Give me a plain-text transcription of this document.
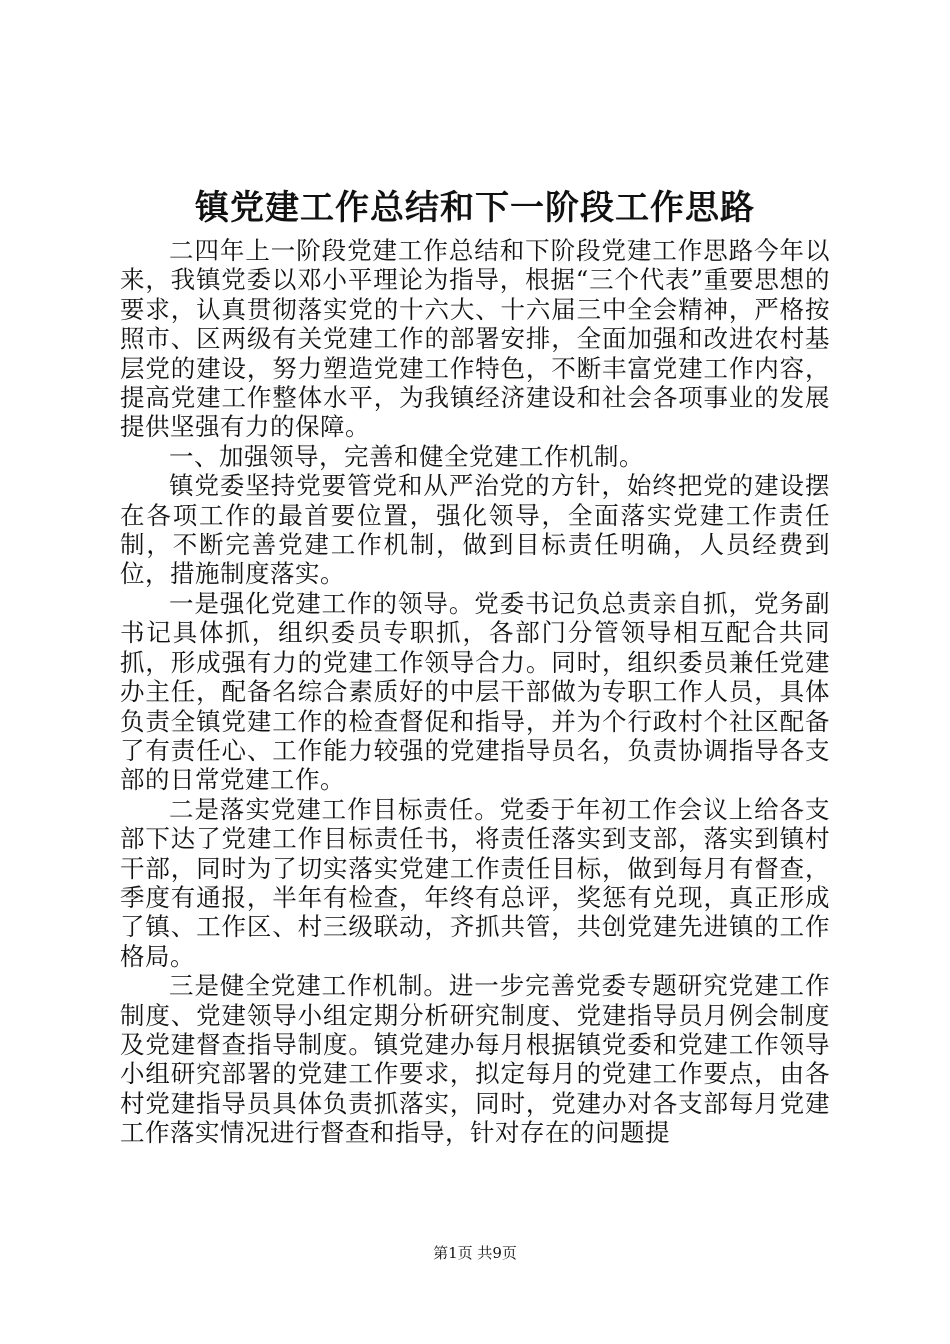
镇党建工作总结和下一阶段工作思路

二四年上一阶段党建工作总结和下阶段党建工作思路今年以来，我镇党委以邓小平理论为指导，根据“三个代表”重要思想的要求，认真贯彻落实党的十六大、十六届三中全会精神，严格按照市、区两级有关党建工作的部署安排，全面加强和改进农村基层党的建设，努力塑造党建工作特色，不断丰富党建工作内容，提高党建工作整体水平，为我镇经济建设和社会各项事业的发展提供坚强有力的保障。

一、加强领导，完善和健全党建工作机制。

镇党委坚持党要管党和从严治党的方针，始终把党的建设摆在各项工作的最首要位置，强化领导，全面落实党建工作责任制，不断完善党建工作机制，做到目标责任明确，人员经费到位，措施制度落实。

一是强化党建工作的领导。党委书记负总责亲自抓，党务副书记具体抓，组织委员专职抓，各部门分管领导相互配合共同抓，形成强有力的党建工作领导合力。同时，组织委员兼任党建办主任，配备名综合素质好的中层干部做为专职工作人员，具体负责全镇党建工作的检查督促和指导，并为个行政村个社区配备了有责任心、工作能力较强的党建指导员名，负责协调指导各支部的日常党建工作。

二是落实党建工作目标责任。党委于年初工作会议上给各支部下达了党建工作目标责任书，将责任落实到支部，落实到镇村干部，同时为了切实落实党建工作责任目标，做到每月有督查，季度有通报，半年有检查，年终有总评，奖惩有兑现，真正形成了镇、工作区、村三级联动，齐抓共管，共创党建先进镇的工作格局。

三是健全党建工作机制。进一步完善党委专题研究党建工作制度、党建领导小组定期分析研究制度、党建指导员月例会制度及党建督查指导制度。镇党建办每月根据镇党委和党建工作领导小组研究部署的党建工作要求，拟定每月的党建工作要点，由各村党建指导员具体负责抓落实，同时，党建办对各支部每月党建工作落实情况进行督查和指导，针对存在的问题提

第1页 共9页
